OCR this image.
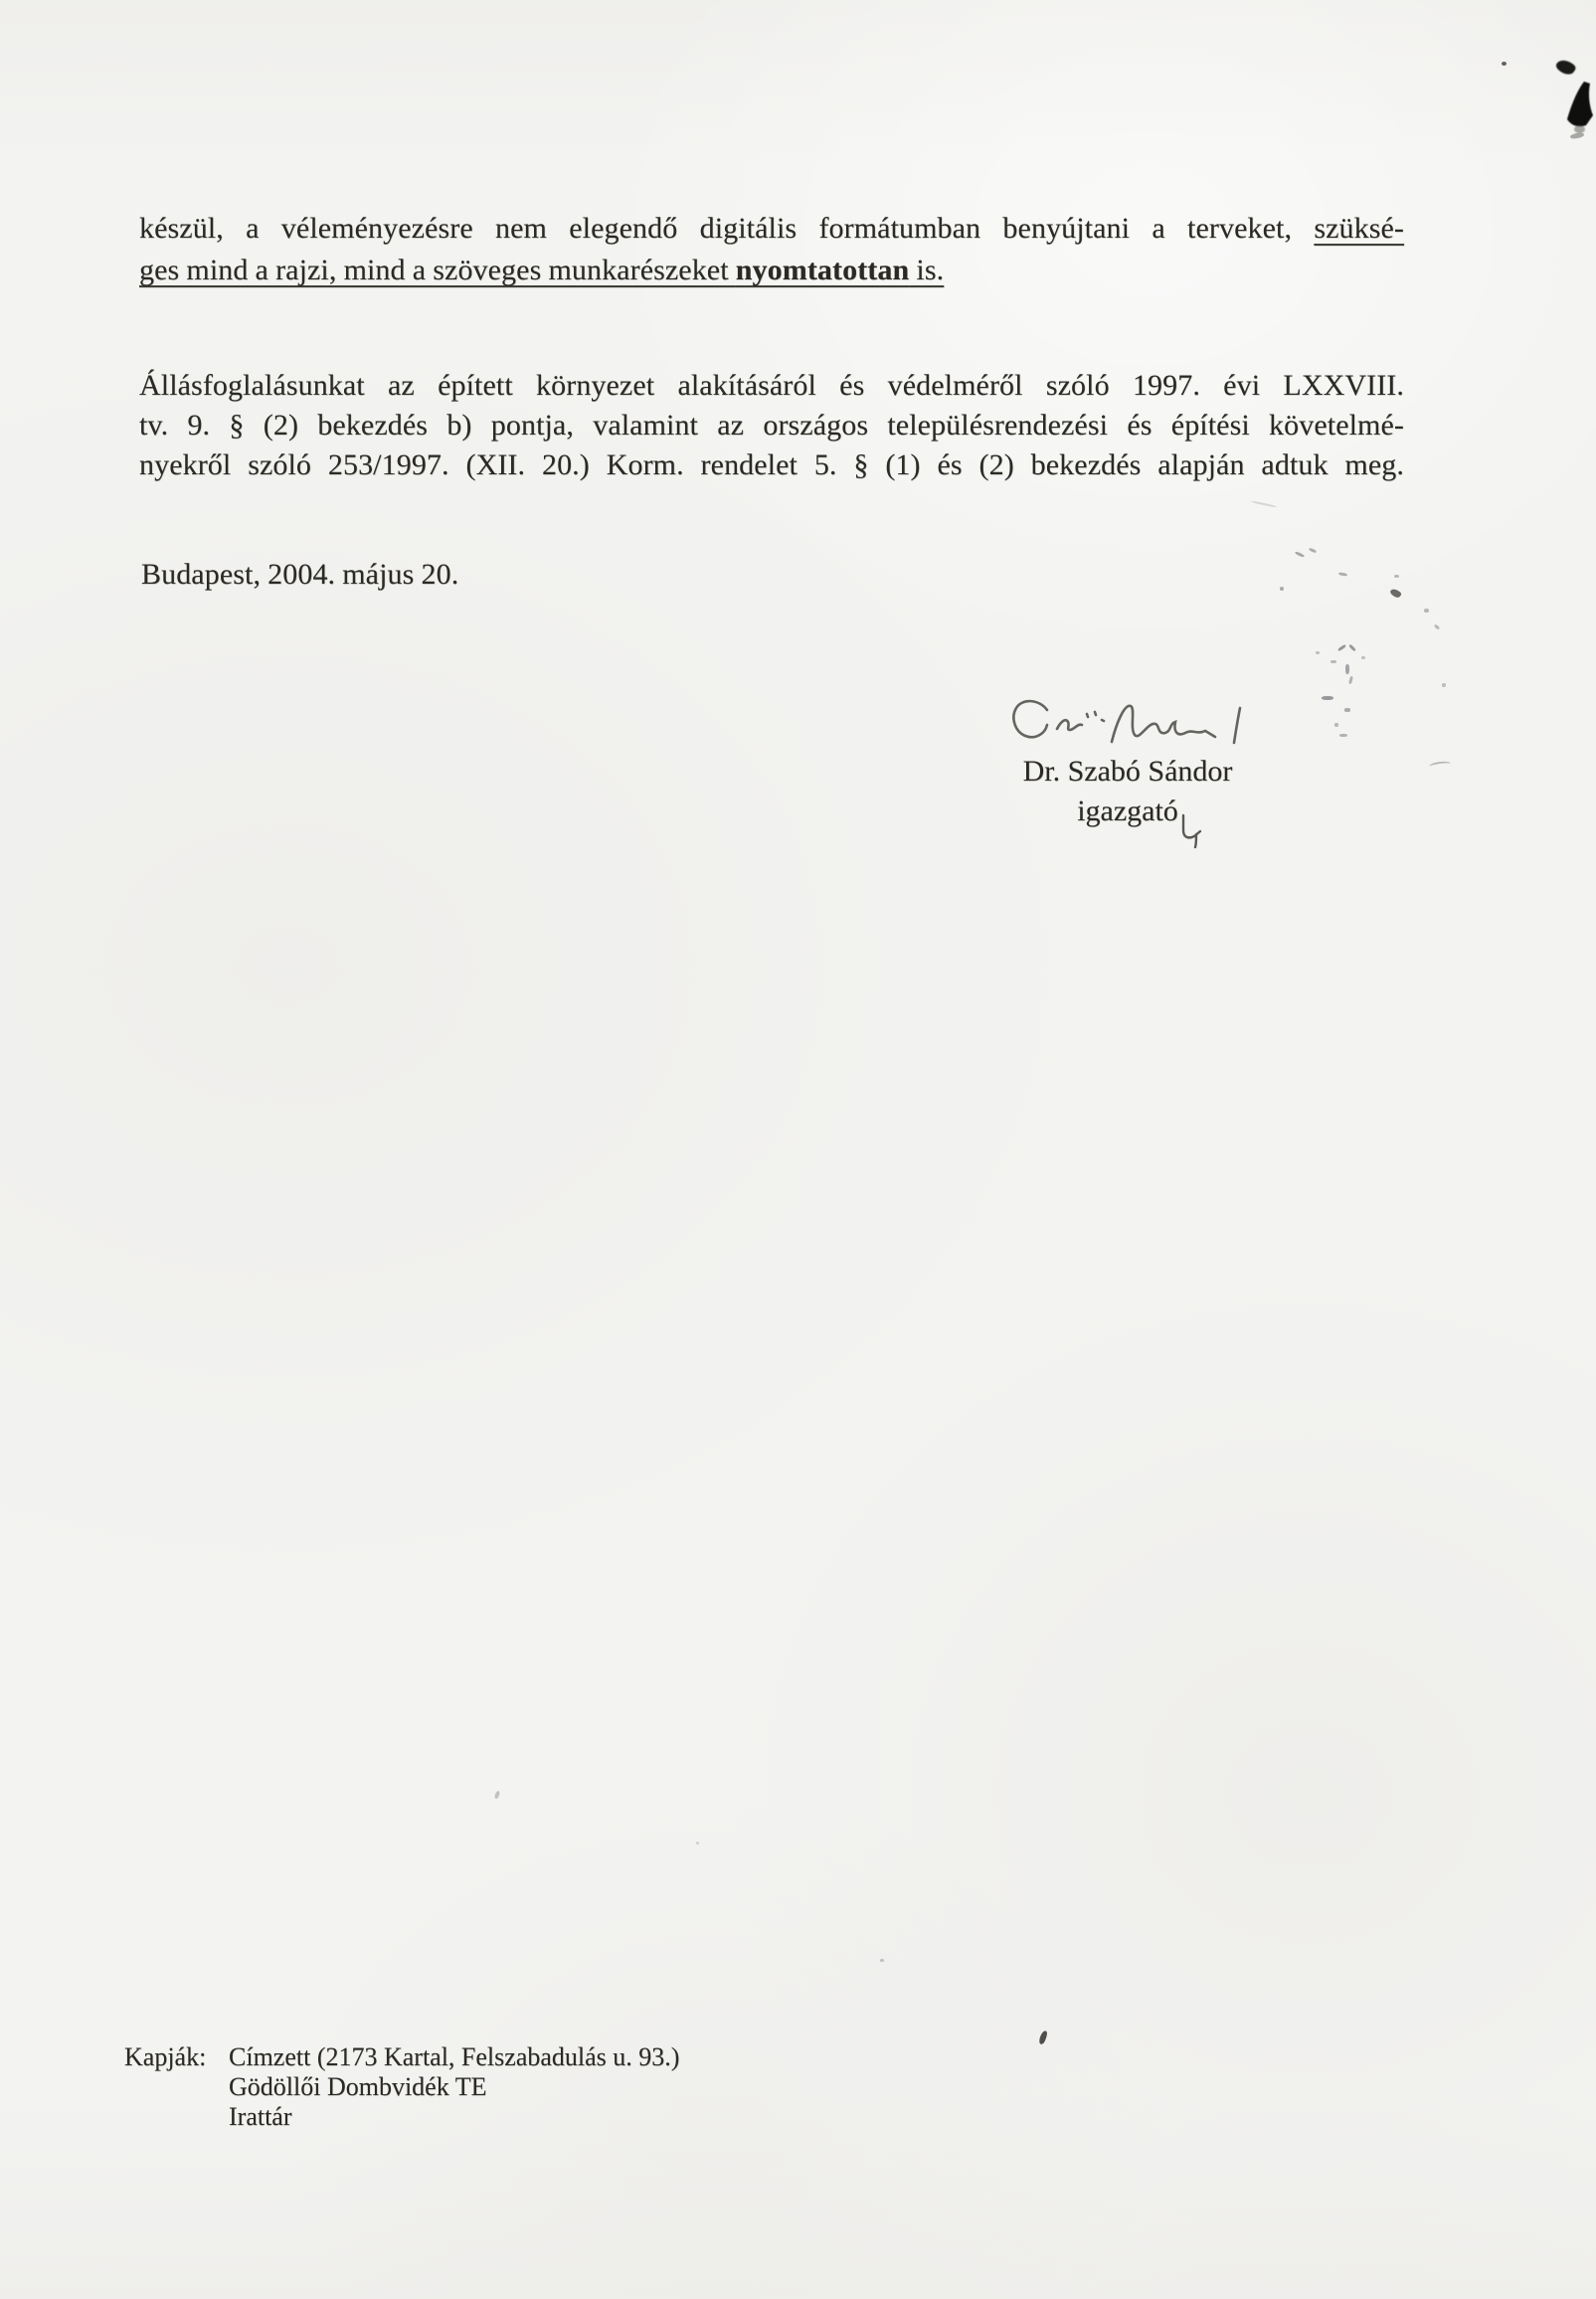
készül, a véleményezésre nem elegendő digitális formátumban benyújtani a terveket, szüksé-
ges mind a rajzi, mind a szöveges munkarészeket nyomtatottan is.
Állásfoglalásunkat az épített környezet alakításáról és védelméről szóló 1997. évi LXXVIII.
tv. 9. § (2) bekezdés b) pontja, valamint az országos településrendezési és építési követelmé-
nyekről szóló 253/1997. (XII. 20.) Korm. rendelet 5. § (1) és (2) bekezdés alapján adtuk meg.
Budapest, 2004. május 20.
Dr. Szabó Sándor
igazgató
Kapják: Címzett (2173 Kartal, Felszabadulás u. 93.)
Gödöllői Dombvidék TE
Irattár
